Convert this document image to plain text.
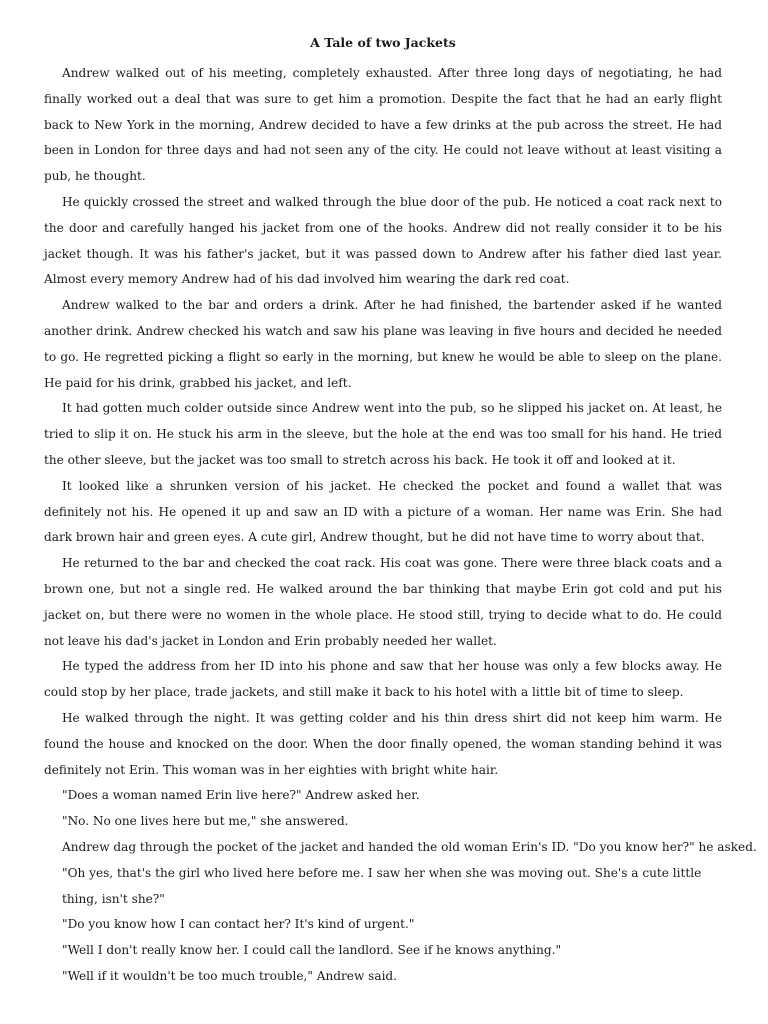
A Tale of two Jackets

Andrew walked out of his meeting, completely exhausted. After three long days of negotiating, he had finally worked out a deal that was sure to get him a promotion. Despite the fact that he had an early flight back to New York in the morning, Andrew decided to have a few drinks at the pub across the street. He had been in London for three days and had not seen any of the city. He could not leave without at least visiting a pub, he thought.

He quickly crossed the street and walked through the blue door of the pub. He noticed a coat rack next to the door and carefully hanged his jacket from one of the hooks. Andrew did not really consider it to be his jacket though. It was his father's jacket, but it was passed down to Andrew after his father died last year. Almost every memory Andrew had of his dad involved him wearing the dark red coat.

Andrew walked to the bar and orders a drink. After he had finished, the bartender asked if he wanted another drink. Andrew checked his watch and saw his plane was leaving in five hours and decided he needed to go. He regretted picking a flight so early in the morning, but knew he would be able to sleep on the plane. He paid for his drink, grabbed his jacket, and left.

It had gotten much colder outside since Andrew went into the pub, so he slipped his jacket on. At least, he tried to slip it on. He stuck his arm in the sleeve, but the hole at the end was too small for his hand. He tried the other sleeve, but the jacket was too small to stretch across his back. He took it off and looked at it.

It looked like a shrunken version of his jacket. He checked the pocket and found a wallet that was definitely not his. He opened it up and saw an ID with a picture of a woman. Her name was Erin. She had dark brown hair and green eyes. A cute girl, Andrew thought, but he did not have time to worry about that.

He returned to the bar and checked the coat rack. His coat was gone. There were three black coats and a brown one, but not a single red. He walked around the bar thinking that maybe Erin got cold and put his jacket on, but there were no women in the whole place. He stood still, trying to decide what to do. He could not leave his dad's jacket in London and Erin probably needed her wallet.

He typed the address from her ID into his phone and saw that her house was only a few blocks away. He could stop by her place, trade jackets, and still make it back to his hotel with a little bit of time to sleep.

He walked through the night. It was getting colder and his thin dress shirt did not keep him warm. He found the house and knocked on the door. When the door finally opened, the woman standing behind it was definitely not Erin. This woman was in her eighties with bright white hair.

"Does a woman named Erin live here?" Andrew asked her.

"No. No one lives here but me," she answered.

Andrew dag through the pocket of the jacket and handed the old woman Erin's ID. "Do you know her?" he asked.

"Oh yes, that's the girl who lived here before me. I saw her when she was moving out. She's a cute little

thing, isn't she?"

"Do you know how I can contact her? It's kind of urgent."

"Well I don't really know her. I could call the landlord. See if he knows anything."

"Well if it wouldn't be too much trouble," Andrew said.
